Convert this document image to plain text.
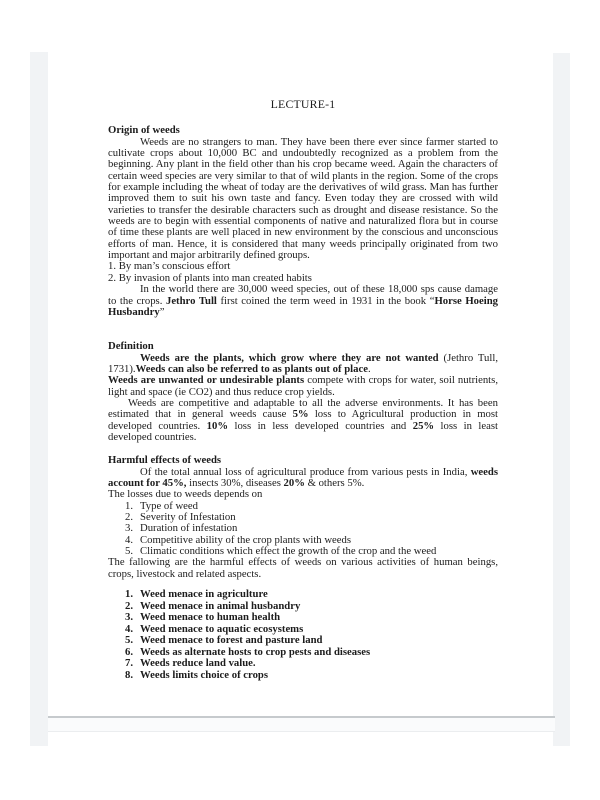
LECTURE-1
Origin of weeds

Weeds are no strangers to man. They have been there ever since farmer started to cultivate crops about 10,000 BC and undoubtedly recognized as a problem from the beginning. Any plant in the field other than his crop became weed. Again the characters of certain weed species are very similar to that of wild plants in the region. Some of the crops for example including the wheat of today are the derivatives of wild grass. Man has further improved them to suit his own taste and fancy. Even today they are crossed with wild varieties to transfer the desirable characters such as drought and disease resistance. So the weeds are to begin with essential components of native and naturalized flora but in course of time these plants are well placed in new environment by the conscious and unconscious efforts of man. Hence, it is considered that many weeds principally originated from two important and major arbitrarily defined groups.

1. By man’s conscious effort
2. By invasion of plants into man created habits

In the world there are 30,000 weed species, out of these 18,000 sps cause damage to the crops. Jethro Tull first coined the term weed in 1931 in the book “Horse Hoeing Husbandry”

Definition

Weeds are the plants, which grow where they are not wanted (Jethro Tull, 1731).Weeds can also be referred to as plants out of place.

Weeds are unwanted or undesirable plants compete with crops for water, soil nutrients, light and space (ie CO2) and thus reduce crop yields.

Weeds are competitive and adaptable to all the adverse environments. It has been estimated that in general weeds cause 5% loss to Agricultural production in most developed countries. 10% loss in less developed countries and 25% loss in least developed countries.

Harmful effects of weeds

Of the total annual loss of agricultural produce from various pests in India, weeds account for 45%, insects 30%, diseases 20% & others 5%.

The losses due to weeds depends on
1. Type of weed
2. Severity of Infestation
3. Duration of infestation
4. Competitive ability of the crop plants with weeds
5. Climatic conditions which effect the growth of the crop and the weed

The fallowing are the harmful effects of weeds on various activities of human beings, crops, livestock and related aspects.

1. Weed menace in agriculture
2. Weed menace in animal husbandry
3. Weed menace to human health
4. Weed menace to aquatic ecosystems
5. Weed menace to forest and pasture land
6. Weeds as alternate hosts to crop pests and diseases
7. Weeds reduce land value.
8. Weeds limits choice of crops
